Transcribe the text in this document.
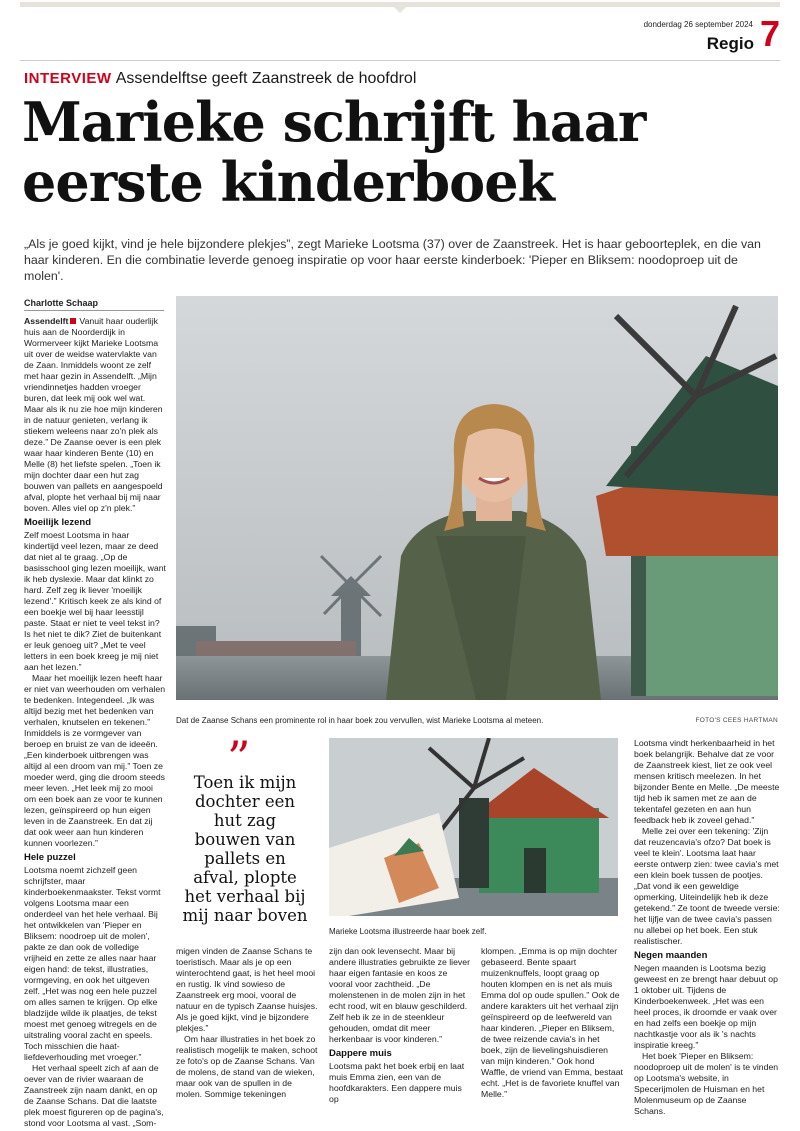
donderdag 26 september 2024
Regio 7
INTERVIEW Assendelftse geeft Zaanstreek de hoofdrol
Marieke schrijft haar
eerste kinderboek
„Als je goed kijkt, vind je hele bijzondere plekjes”, zegt Marieke Lootsma (37) over de Zaanstreek. Het is haar geboorteplek, en die van haar kinderen. En die combinatie leverde genoeg inspiratie op voor haar eerste kinderboek: 'Pieper en Bliksem: noodoproep uit de molen'.
Charlotte Schaap

Assendelft Vanuit haar ouderlijk huis aan de Noorderdijk in Wormerveer kijkt Marieke Lootsma uit over de weidse watervlakte van de Zaan. Inmiddels woont ze zelf met haar gezin in Assendelft. „Mijn vriendinnetjes hadden vroeger buren, dat leek mij ook wel wat. Maar als ik nu zie hoe mijn kinderen in de natuur genieten, verlang ik stiekem weleens naar zo'n plek als deze.” De Zaanse oever is een plek waar haar kinderen Bente (10) en Melle (8) het liefste spelen. „Toen ik mijn dochter daar een hut zag bouwen van pallets en aangespoeld afval, plopte het verhaal bij mij naar boven. Alles viel op z'n plek.”

Moeilijk lezend

Zelf moest Lootsma in haar kindertijd veel lezen, maar ze deed dat niet al te graag. „Op de basisschool ging lezen moeilijk, want ik heb dyslexie. Maar dat klinkt zo hard. Zelf zeg ik liever 'moeilijk lezend'.” Kritisch keek ze als kind of een boekje wel bij haar leesstijl paste. Staat er niet te veel tekst in? Is het niet te dik? Ziet de buitenkant er leuk genoeg uit? „Met te veel letters in een boek kreeg je mij niet aan het lezen.”

Maar het moeilijk lezen heeft haar er niet van weerhouden om verhalen te bedenken. Integendeel. „Ik was altijd bezig met het bedenken van verhalen, knutselen en tekenen.” Inmiddels is ze vormgever van beroep en bruist ze van de ideeën. „Een kinderboek uitbrengen was altijd al een droom van mij.” Toen ze moeder werd, ging die droom steeds meer leven. „Het leek mij zo mooi om een boek aan ze voor te kunnen lezen, geïnspireerd op hun eigen leven in de Zaanstreek. En dat zij dat ook weer aan hun kinderen kunnen voorlezen.”

Hele puzzel

Lootsma noemt zichzelf geen schrijfster, maar kinderboekenmaakster. Tekst vormt volgens Lootsma maar een onderdeel van het hele verhaal. Bij het ontwikkelen van 'Pieper en Bliksem: noodroep uit de molen', pakte ze dan ook de volledige vrijheid en zette ze alles naar haar eigen hand: de tekst, illustraties, vormgeving, en ook het uitgeven zelf. „Het was nog een hele puzzel om alles samen te krijgen. Op elke bladzijde wilde ik plaatjes, de tekst moest met genoeg witregels en de uitstraling vooral zacht en speels. Toch misschien die haat-liefdeverhouding met vroeger.”

Het verhaal speelt zich af aan de oever van de rivier waaraan de Zaanstreek zijn naam dankt, en op de Zaanse Schans. Dat die laatste plek moest figureren op de pagina's, stond voor Lootsma al vast. „Som-

Dat de Zaanse Schans een prominente rol in haar boek zou vervullen, wist Marieke Lootsma al meteen.	FOTO'S CEES HARTMAN
”
Toen ik mijn dochter een hut zag bouwen van pallets en afval, plopte het verhaal bij mij naar boven
Marieke Lootsma illustreerde haar boek zelf.

migen vinden de Zaanse Schans te toeristisch. Maar als je op een winterochtend gaat, is het heel mooi en rustig. Ik vind sowieso de Zaanstreek erg mooi, vooral de natuur en de typisch Zaanse huisjes. Als je goed kijkt, vind je bijzondere plekjes.”

Om haar illustraties in het boek zo realistisch mogelijk te maken, schoot ze foto's op de Zaanse Schans. Van de molens, de stand van de wieken, maar ook van de spullen in de molen. Sommige tekeningen

zijn dan ook levensecht. Maar bij andere illustraties gebruikte ze liever haar eigen fantasie en koos ze vooral voor zachtheid. „De molenstenen in de molen zijn in het echt rood, wit en blauw geschilderd. Zelf heb ik ze in de steenkleur gehouden, omdat dit meer herkenbaar is voor kinderen.”

Dappere muis

Lootsma pakt het boek erbij en laat muis Emma zien, een van de hoofdkarakters. Een dappere muis op

klompen. „Emma is op mijn dochter gebaseerd. Bente spaart muizenknuffels, loopt graag op houten klompen en is net als muis Emma dol op oude spullen.” Ook de andere karakters uit het verhaal zijn geïnspireerd op de leefwereld van haar kinderen. „Pieper en Bliksem, de twee reizende cavia's in het boek, zijn de lievelingshuisdieren van mijn kinderen.” Ook hond Waffle, de vriend van Emma, bestaat echt. „Het is de favoriete knuffel van Melle.”

Lootsma vindt herkenbaarheid in het boek belangrijk. Behalve dat ze voor de Zaanstreek kiest, liet ze ook veel mensen kritisch meelezen. In het bijzonder Bente en Melle. „De meeste tijd heb ik samen met ze aan de tekentafel gezeten en aan hun feedback heb ik zoveel gehad.”

Melle zei over een tekening: 'Zijn dat reuzencavia's ofzo? Dat boek is veel te klein'. Lootsma laat haar eerste ontwerp zien: twee cavia's met een klein boek tussen de pootjes. „Dat vond ik een geweldige opmerking, Uiteindelijk heb ik deze getekend.” Ze toont de tweede versie: het lijfje van de twee cavia's passen nu allebei op het boek. Een stuk realistischer.

Negen maanden

Negen maanden is Lootsma bezig geweest en ze brengt haar debuut op 1 oktober uit. Tijdens de Kinderboekenweek. „Het was een heel proces, ik droomde er vaak over en had zelfs een boekje op mijn nachtkastje voor als ik 's nachts inspiratie kreeg.”

Het boek 'Pieper en Bliksem: noodoproep uit de molen' is te vinden op Lootsma's website, in Specerijmolen de Huisman en het Molenmuseum op de Zaanse Schans.
